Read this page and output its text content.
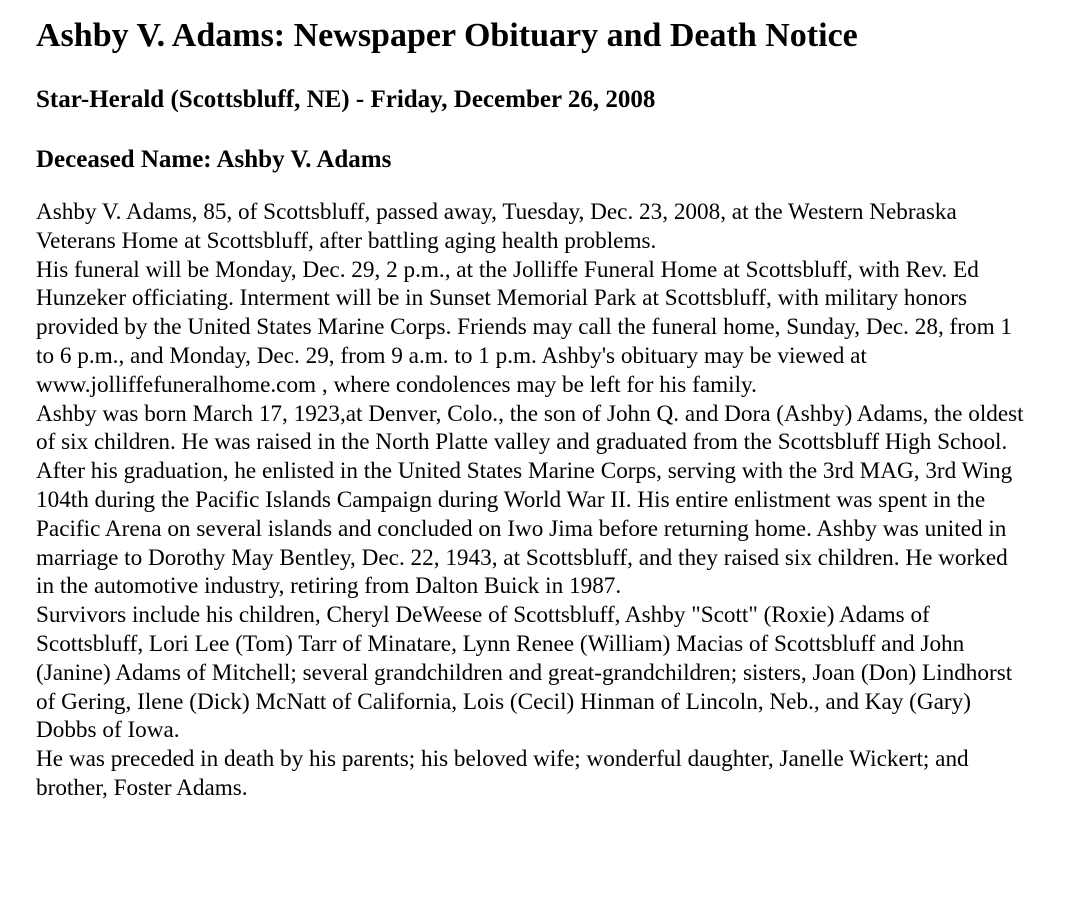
Ashby V. Adams: Newspaper Obituary and Death Notice
Star-Herald (Scottsbluff, NE) - Friday, December 26, 2008
Deceased Name: Ashby V. Adams

Ashby V. Adams, 85, of Scottsbluff, passed away, Tuesday, Dec. 23, 2008, at the Western Nebraska Veterans Home at Scottsbluff, after battling aging health problems.

His funeral will be Monday, Dec. 29, 2 p.m., at the Jolliffe Funeral Home at Scottsbluff, with Rev. Ed Hunzeker officiating. Interment will be in Sunset Memorial Park at Scottsbluff, with military honors provided by the United States Marine Corps. Friends may call the funeral home, Sunday, Dec. 28, from 1 to 6 p.m., and Monday, Dec. 29, from 9 a.m. to 1 p.m. Ashby's obituary may be viewed at www.jolliffefuneralhome.com , where condolences may be left for his family.

Ashby was born March 17, 1923,at Denver, Colo., the son of John Q. and Dora (Ashby) Adams, the oldest of six children. He was raised in the North Platte valley and graduated from the Scottsbluff High School. After his graduation, he enlisted in the United States Marine Corps, serving with the 3rd MAG, 3rd Wing 104th during the Pacific Islands Campaign during World War II. His entire enlistment was spent in the Pacific Arena on several islands and concluded on Iwo Jima before returning home. Ashby was united in marriage to Dorothy May Bentley, Dec. 22, 1943, at Scottsbluff, and they raised six children. He worked in the automotive industry, retiring from Dalton Buick in 1987.

Survivors include his children, Cheryl DeWeese of Scottsbluff, Ashby "Scott" (Roxie) Adams of Scottsbluff, Lori Lee (Tom) Tarr of Minatare, Lynn Renee (William) Macias of Scottsbluff and John (Janine) Adams of Mitchell; several grandchildren and great-grandchildren; sisters, Joan (Don) Lindhorst of Gering, Ilene (Dick) McNatt of California, Lois (Cecil) Hinman of Lincoln, Neb., and Kay (Gary) Dobbs of Iowa.

He was preceded in death by his parents; his beloved wife; wonderful daughter, Janelle Wickert; and brother, Foster Adams.
